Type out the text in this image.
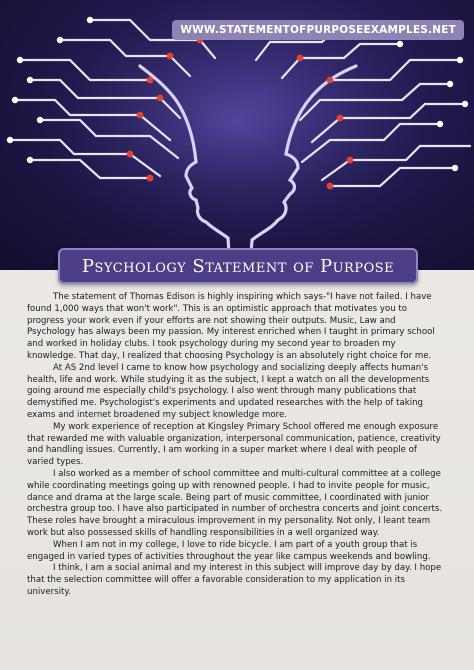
WWW.STATEMENTOFPURPOSEEXAMPLES.NET
Psychology Statement of Purpose

The statement of Thomas Edison is highly inspiring which says-"I have not failed. I have found 1,000 ways that won't work". This is an optimistic approach that motivates you to progress your work even if your efforts are not showing their outputs. Music, Law and Psychology has always been my passion. My interest enriched when I taught in primary school and worked in holiday clubs. I took psychology during my second year to broaden my knowledge. That day, I realized that choosing Psychology is an absolutely right choice for me.

At AS 2nd level I came to know how psychology and socializing deeply affects human's health, life and work. While studying it as the subject, I kept a watch on all the developments going around me especially child's psychology. I also went through many publications that demystified me. Psychologist's experiments and updated researches with the help of taking exams and internet broadened my subject knowledge more.

My work experience of reception at Kingsley Primary School offered me enough exposure that rewarded me with valuable organization, interpersonal communication, patience, creativity and handling issues. Currently, I am working in a super market where I deal with people of varied types.

I also worked as a member of school committee and multi-cultural committee at a college while coordinating meetings going up with renowned people. I had to invite people for music, dance and drama at the large scale. Being part of music committee, I coordinated with junior orchestra group too. I have also participated in number of orchestra concerts and joint concerts. These roles have brought a miraculous improvement in my personality. Not only, I leant team work but also possessed skills of handling responsibilities in a well organized way.

When I am not in my college, I love to ride bicycle. I am part of a youth group that is engaged in varied types of activities throughout the year like campus weekends and bowling.

I think, I am a social animal and my interest in this subject will improve day by day. I hope that the selection committee will offer a favorable consideration to my application in its university.
